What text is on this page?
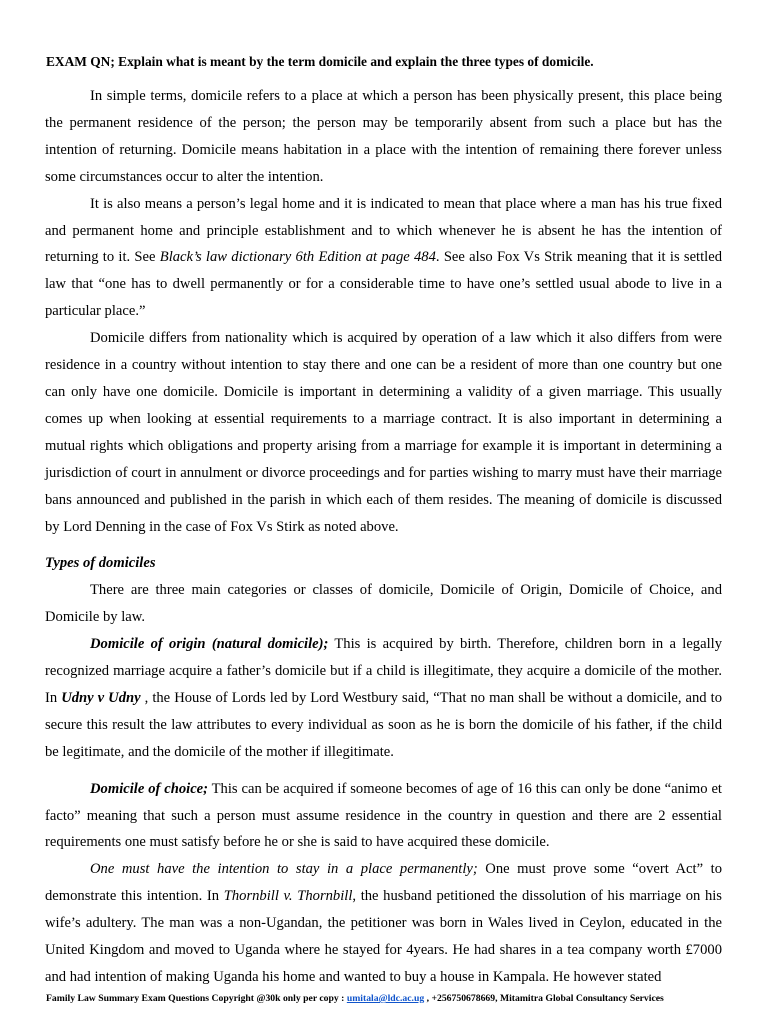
EXAM QN; Explain what is meant by the term domicile and explain the three types of domicile.

In simple terms, domicile refers to a place at which a person has been physically present, this place being the permanent residence of the person; the person may be temporarily absent from such a place but has the intention of returning. Domicile means habitation in a place with the intention of remaining there forever unless some circumstances occur to alter the intention.

It is also means a person’s legal home and it is indicated to mean that place where a man has his true fixed and permanent home and principle establishment and to which whenever he is absent he has the intention of returning to it. See Black’s law dictionary 6th Edition at page 484. See also Fox Vs Strik meaning that it is settled law that “one has to dwell permanently or for a considerable time to have one’s settled usual abode to live in a particular place.”

Domicile differs from nationality which is acquired by operation of a law which it also differs from were residence in a country without intention to stay there and one can be a resident of more than one country but one can only have one domicile. Domicile is important in determining a validity of a given marriage. This usually comes up when looking at essential requirements to a marriage contract. It is also important in determining a mutual rights which obligations and property arising from a marriage for example it is important in determining a jurisdiction of court in annulment or divorce proceedings and for parties wishing to marry must have their marriage bans announced and published in the parish in which each of them resides. The meaning of domicile is discussed by Lord Denning in the case of Fox Vs Stirk as noted above.

Types of domiciles

There are three main categories or classes of domicile, Domicile of Origin, Domicile of Choice, and Domicile by law.

Domicile of origin (natural domicile); This is acquired by birth. Therefore, children born in a legally recognized marriage acquire a father’s domicile but if a child is illegitimate, they acquire a domicile of the mother. In Udny v Udny , the House of Lords led by Lord Westbury said, “That no man shall be without a domicile, and to secure this result the law attributes to every individual as soon as he is born the domicile of his father, if the child be legitimate, and the domicile of the mother if illegitimate.

Domicile of choice; This can be acquired if someone becomes of age of 16 this can only be done “animo et facto” meaning that such a person must assume residence in the country in question and there are 2 essential requirements one must satisfy before he or she is said to have acquired these domicile.

One must have the intention to stay in a place permanently; One must prove some “overt Act” to demonstrate this intention. In Thornbill v. Thornbill, the husband petitioned the dissolution of his marriage on his wife’s adultery. The man was a non-Ugandan, the petitioner was born in Wales lived in Ceylon, educated in the United Kingdom and moved to Uganda where he stayed for 4years. He had shares in a tea company worth £7000 and had intention of making Uganda his home and wanted to buy a house in Kampala. He however stated

Family Law Summary Exam Questions Copyright @30k only per copy : umitala@ldc.ac.ug , +256750678669, Mitamitra Global Consultancy Services
